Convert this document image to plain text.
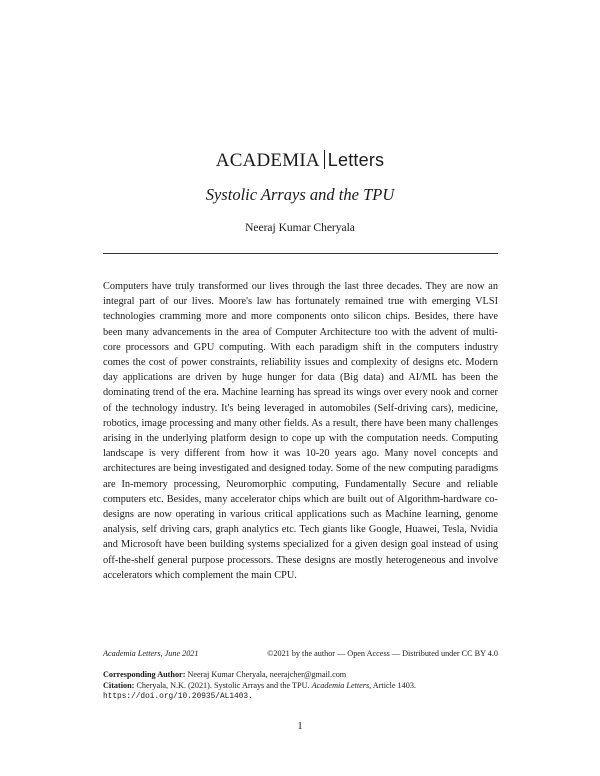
ACADEMIA Letters
Systolic Arrays and the TPU
Neeraj Kumar Cheryala

Computers have truly transformed our lives through the last three decades. They are now an integral part of our lives. Moore's law has fortunately remained true with emerging VLSI technologies cramming more and more components onto silicon chips. Besides, there have been many advancements in the area of Computer Architecture too with the advent of multi-core processors and GPU computing. With each paradigm shift in the computers industry comes the cost of power constraints, reliability issues and complexity of designs etc. Modern day applications are driven by huge hunger for data (Big data) and AI/ML has been the dominating trend of the era. Machine learning has spread its wings over every nook and corner of the technology industry. It's being leveraged in automobiles (Self-driving cars), medicine, robotics, image processing and many other fields. As a result, there have been many challenges arising in the underlying platform design to cope up with the computation needs. Computing landscape is very different from how it was 10-20 years ago. Many novel concepts and architectures are being investigated and designed today. Some of the new computing paradigms are In-memory processing, Neuromorphic computing, Fundamentally Secure and reliable computers etc. Besides, many accelerator chips which are built out of Algorithm-hardware co-designs are now operating in various critical applications such as Machine learning, genome analysis, self driving cars, graph analytics etc. Tech giants like Google, Huawei, Tesla, Nvidia and Microsoft have been building systems specialized for a given design goal instead of using off-the-shelf general purpose processors. These designs are mostly heterogeneous and involve accelerators which complement the main CPU.

Academia Letters, June 2021	©2021 by the author — Open Access — Distributed under CC BY 4.0
Corresponding Author: Neeraj Kumar Cheryala, neerajcher@gmail.com
Citation: Cheryala, N.K. (2021). Systolic Arrays and the TPU. Academia Letters, Article 1403.
https://doi.org/10.20935/AL1403.
1
